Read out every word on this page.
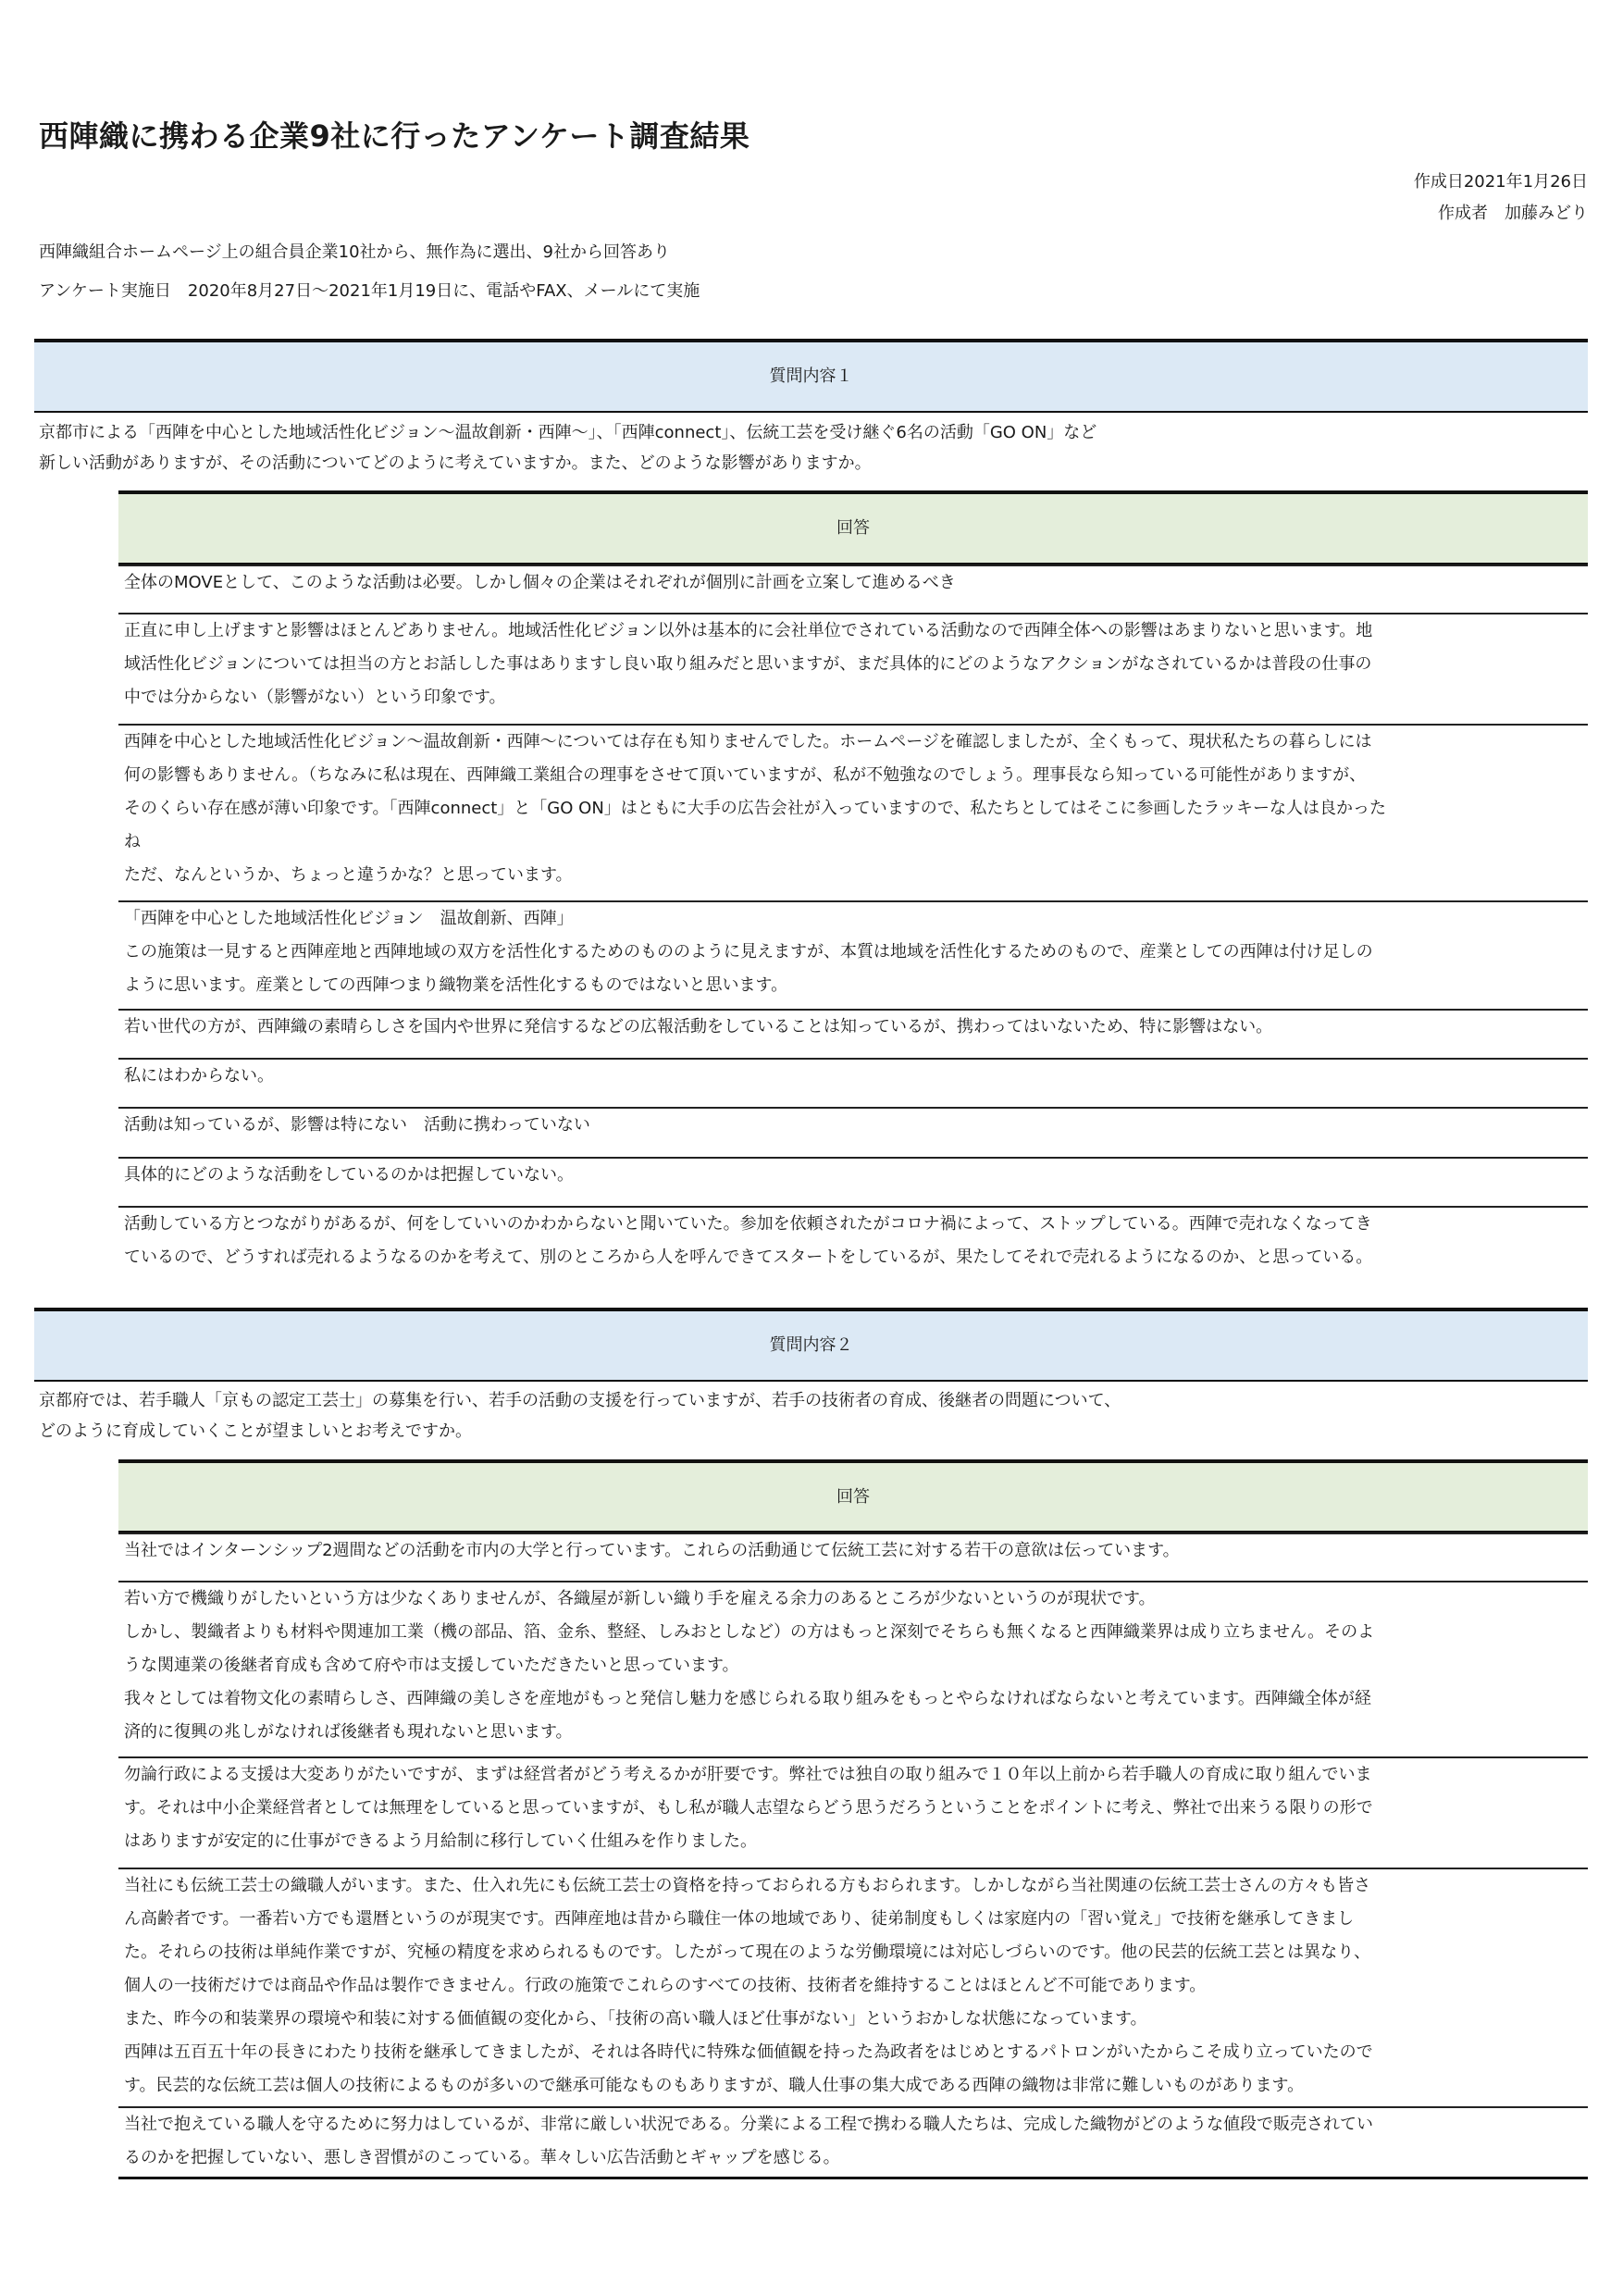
西陣織に携わる企業9社に行ったアンケート調査結果
作成日2021年1月26日
作成者　加藤みどり
西陣織組合ホームページ上の組合員企業10社から、無作為に選出、9社から回答あり
アンケート実施日　2020年8月27日〜2021年1月19日に、電話やFAX、メールにて実施
質問内容１
京都市による「西陣を中心とした地域活性化ビジョン〜温故創新・西陣〜」、「西陣connect」、伝統工芸を受け継ぐ6名の活動「GO ON」など
新しい活動がありますが、その活動についてどのように考えていますか。また、どのような影響がありますか。
回答

全体のMOVEとして、このような活動は必要。しかし個々の企業はそれぞれが個別に計画を立案して進めるべき

正直に申し上げますと影響はほとんどありません。地域活性化ビジョン以外は基本的に会社単位でされている活動なので西陣全体への影響はあまりないと思います。地

域活性化ビジョンについては担当の方とお話しした事はありますし良い取り組みだと思いますが、まだ具体的にどのようなアクションがなされているかは普段の仕事の

中では分からない（影響がない）という印象です。

西陣を中心とした地域活性化ビジョン〜温故創新・西陣〜については存在も知りませんでした。ホームページを確認しましたが、全くもって、現状私たちの暮らしには

何の影響もありません。（ちなみに私は現在、西陣織工業組合の理事をさせて頂いていますが、私が不勉強なのでしょう。理事長なら知っている可能性がありますが、

そのくらい存在感が薄い印象です。「西陣connect」と「GO ON」はともに大手の広告会社が入っていますので、私たちとしてはそこに参画したラッキーな人は良かった

ね

ただ、なんというか、ちょっと違うかな？と思っています。

「西陣を中心とした地域活性化ビジョン　温故創新、西陣」

この施策は一見すると西陣産地と西陣地域の双方を活性化するためのもののように見えますが、本質は地域を活性化するためのもので、産業としての西陣は付け足しの

ように思います。産業としての西陣つまり織物業を活性化するものではないと思います。

若い世代の方が、西陣織の素晴らしさを国内や世界に発信するなどの広報活動をしていることは知っているが、携わってはいないため、特に影響はない。

私にはわからない。

活動は知っているが、影響は特にない　活動に携わっていない

具体的にどのような活動をしているのかは把握していない。

活動している方とつながりがあるが、何をしていいのかわからないと聞いていた。参加を依頼されたがコロナ禍によって、ストップしている。西陣で売れなくなってき

ているので、どうすれば売れるようなるのかを考えて、別のところから人を呼んできてスタートをしているが、果たしてそれで売れるようになるのか、と思っている。

質問内容２
京都府では、若手職人「京もの認定工芸士」の募集を行い、若手の活動の支援を行っていますが、若手の技術者の育成、後継者の問題について、
どのように育成していくことが望ましいとお考えですか。
回答

当社ではインターンシップ2週間などの活動を市内の大学と行っています。これらの活動通じて伝統工芸に対する若干の意欲は伝っています。

若い方で機織りがしたいという方は少なくありませんが、各織屋が新しい織り手を雇える余力のあるところが少ないというのが現状です。

しかし、製織者よりも材料や関連加工業（機の部品、箔、金糸、整経、しみおとしなど）の方はもっと深刻でそちらも無くなると西陣織業界は成り立ちません。そのよ

うな関連業の後継者育成も含めて府や市は支援していただきたいと思っています。

我々としては着物文化の素晴らしさ、西陣織の美しさを産地がもっと発信し魅力を感じられる取り組みをもっとやらなければならないと考えています。西陣織全体が経

済的に復興の兆しがなければ後継者も現れないと思います。

勿論行政による支援は大変ありがたいですが、まずは経営者がどう考えるかが肝要です。弊社では独自の取り組みで１０年以上前から若手職人の育成に取り組んでいま

す。それは中小企業経営者としては無理をしていると思っていますが、もし私が職人志望ならどう思うだろうということをポイントに考え、弊社で出来うる限りの形で

はありますが安定的に仕事ができるよう月給制に移行していく仕組みを作りました。

当社にも伝統工芸士の織職人がいます。また、仕入れ先にも伝統工芸士の資格を持っておられる方もおられます。しかしながら当社関連の伝統工芸士さんの方々も皆さ

ん高齢者です。一番若い方でも還暦というのが現実です。西陣産地は昔から職住一体の地域であり、徒弟制度もしくは家庭内の「習い覚え」で技術を継承してきまし

た。それらの技術は単純作業ですが、究極の精度を求められるものです。したがって現在のような労働環境には対応しづらいのです。他の民芸的伝統工芸とは異なり、

個人の一技術だけでは商品や作品は製作できません。行政の施策でこれらのすべての技術、技術者を維持することはほとんど不可能であります。

また、昨今の和装業界の環境や和装に対する価値観の変化から、「技術の高い職人ほど仕事がない」というおかしな状態になっています。

西陣は五百五十年の長きにわたり技術を継承してきましたが、それは各時代に特殊な価値観を持った為政者をはじめとするパトロンがいたからこそ成り立っていたので

す。民芸的な伝統工芸は個人の技術によるものが多いので継承可能なものもありますが、職人仕事の集大成である西陣の織物は非常に難しいものがあります。

当社で抱えている職人を守るために努力はしているが、非常に厳しい状況である。分業による工程で携わる職人たちは、完成した織物がどのような値段で販売されてい

るのかを把握していない、悪しき習慣がのこっている。華々しい広告活動とギャップを感じる。
